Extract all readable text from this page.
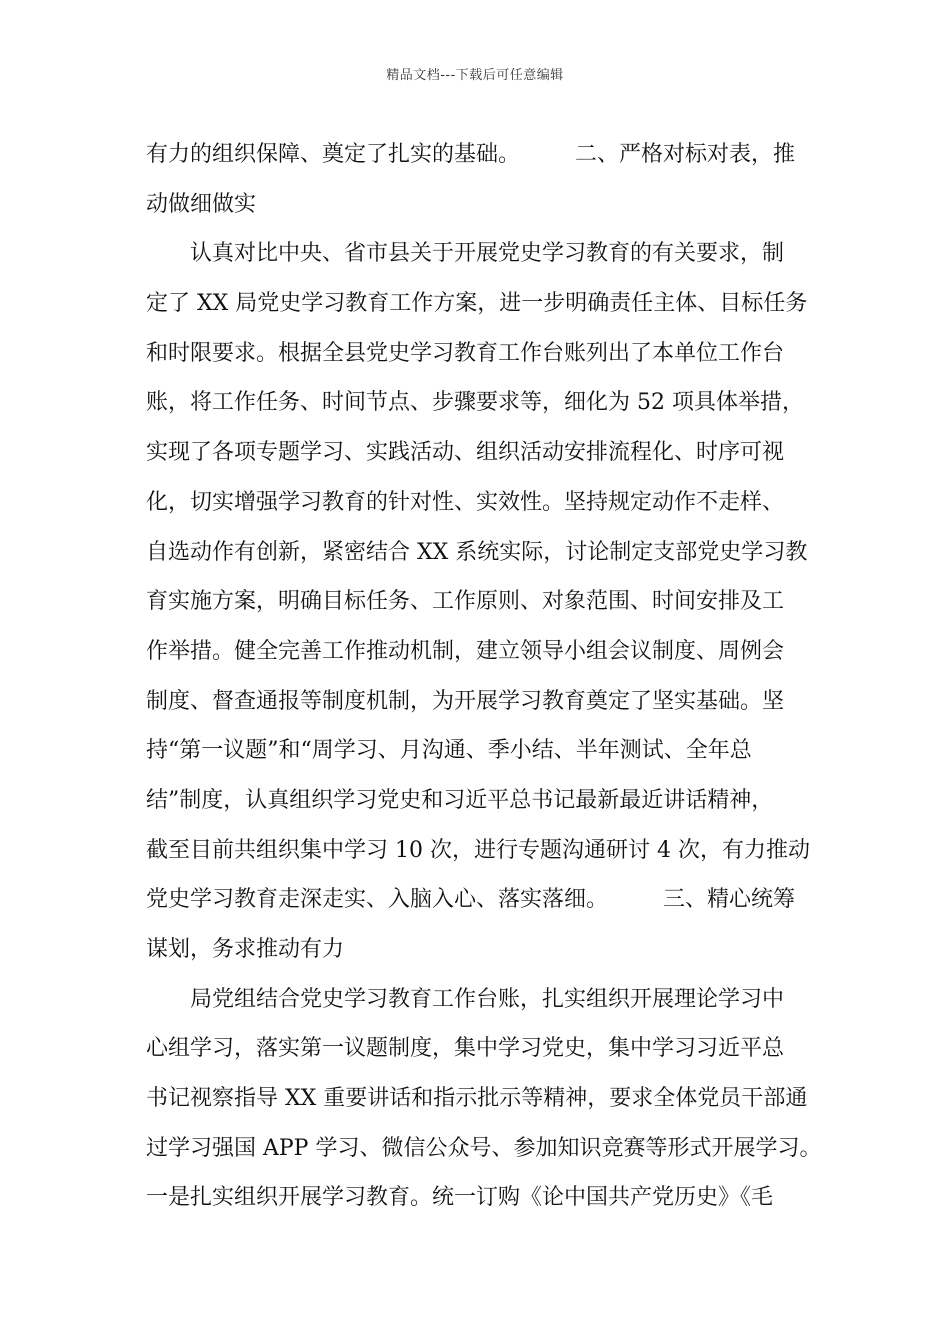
精品文档---下载后可任意编辑
有力的组织保障、奠定了扎实的基础。　　　二、严格对标对表，推
动做细做实
　　认真对比中央、省市县关于开展党史学习教育的有关要求，制
定了 XX 局党史学习教育工作方案，进一步明确责任主体、目标任务
和时限要求。根据全县党史学习教育工作台账列出了本单位工作台
账，将工作任务、时间节点、步骤要求等，细化为 52 项具体举措，
实现了各项专题学习、实践活动、组织活动安排流程化、时序可视
化，切实增强学习教育的针对性、实效性。坚持规定动作不走样、
自选动作有创新，紧密结合 XX 系统实际，讨论制定支部党史学习教
育实施方案，明确目标任务、工作原则、对象范围、时间安排及工
作举措。健全完善工作推动机制，建立领导小组会议制度、周例会
制度、督查通报等制度机制，为开展学习教育奠定了坚实基础。坚
持“第一议题”和“周学习、月沟通、季小结、半年测试、全年总
结”制度，认真组织学习党史和习近平总书记最新最近讲话精神，
截至目前共组织集中学习 10 次，进行专题沟通研讨 4 次，有力推动
党史学习教育走深走实、入脑入心、落实落细。　　　三、精心统筹
谋划，务求推动有力
　　局党组结合党史学习教育工作台账，扎实组织开展理论学习中
心组学习，落实第一议题制度，集中学习党史，集中学习习近平总
书记视察指导 XX 重要讲话和指示批示等精神，要求全体党员干部通
过学习强国 APP 学习、微信公众号、参加知识竞赛等形式开展学习。
一是扎实组织开展学习教育。统一订购《论中国共产党历史》《毛
